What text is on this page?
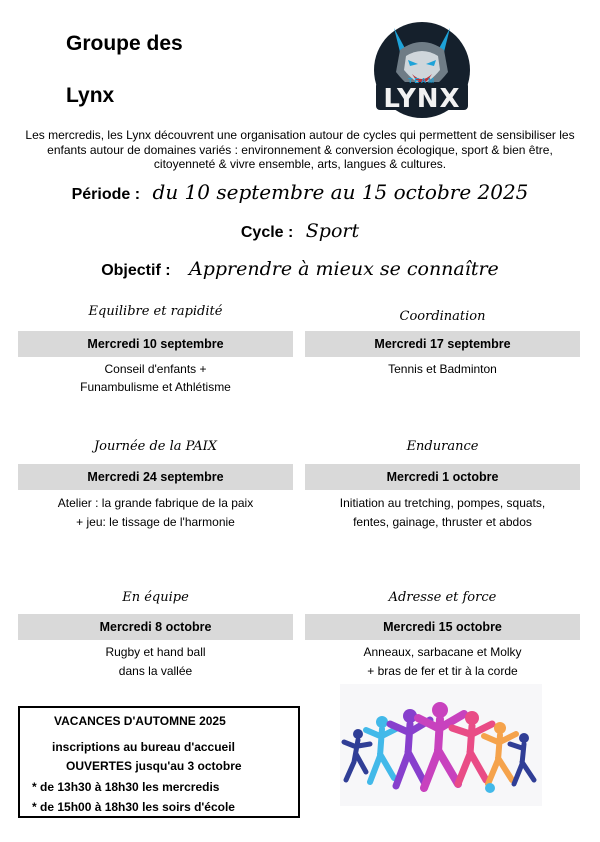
Groupe des
Lynx
TEAM
LYNX
Les mercredis, les Lynx découvrent une organisation autour de cycles qui permettent de sensibiliser les enfants autour de domaines variés : environnement & conversion écologique, sport & bien être, citoyenneté & vivre ensemble, arts, langues & cultures.
Période : du 10 septembre au 15 octobre 2025
Cycle : Sport
Objectif : Apprendre à mieux se connaître
Equilibre et rapidité
Mercredi 10 septembre
Conseil d'enfants +
Funambulisme et Athlétisme
Coordination
Mercredi 17 septembre
Tennis et Badminton
Journée de la PAIX
Mercredi 24 septembre
Atelier : la grande fabrique de la paix
+ jeu: le tissage de l'harmonie
Endurance
Mercredi 1 octobre
Initiation au tretching, pompes, squats,
fentes, gainage, thruster et abdos
En équipe
Mercredi 8 octobre
Rugby et hand ball
dans la vallée
Adresse et force
Mercredi 15 octobre
Anneaux, sarbacane et Molky
+ bras de fer et tir à la corde
VACANCES D'AUTOMNE 2025
inscriptions au bureau d'accueil
OUVERTES jusqu'au 3 octobre
* de 13h30 à 18h30 les mercredis
* de 15h00 à 18h30 les soirs d'école
